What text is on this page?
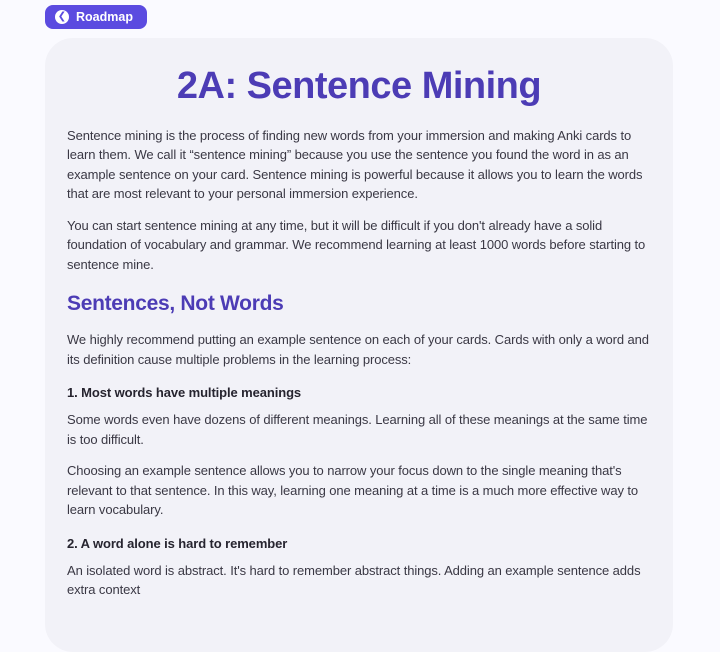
❮ Roadmap
2A: Sentence Mining

Sentence mining is the process of finding new words from your immersion and making Anki cards to learn them. We call it “sentence mining” because you use the sentence you found the word in as an example sentence on your card. Sentence mining is powerful because it allows you to learn the words that are most relevant to your personal immersion experience.

You can start sentence mining at any time, but it will be difficult if you don't already have a solid foundation of vocabulary and grammar. We recommend learning at least 1000 words before starting to sentence mine.

Sentences, Not Words

We highly recommend putting an example sentence on each of your cards. Cards with only a word and its definition cause multiple problems in the learning process:

1. Most words have multiple meanings

Some words even have dozens of different meanings. Learning all of these meanings at the same time is too difficult.

Choosing an example sentence allows you to narrow your focus down to the single meaning that's relevant to that sentence. In this way, learning one meaning at a time is a much more effective way to learn vocabulary.

2. A word alone is hard to remember

An isolated word is abstract. It's hard to remember abstract things. Adding an example sentence adds extra context
